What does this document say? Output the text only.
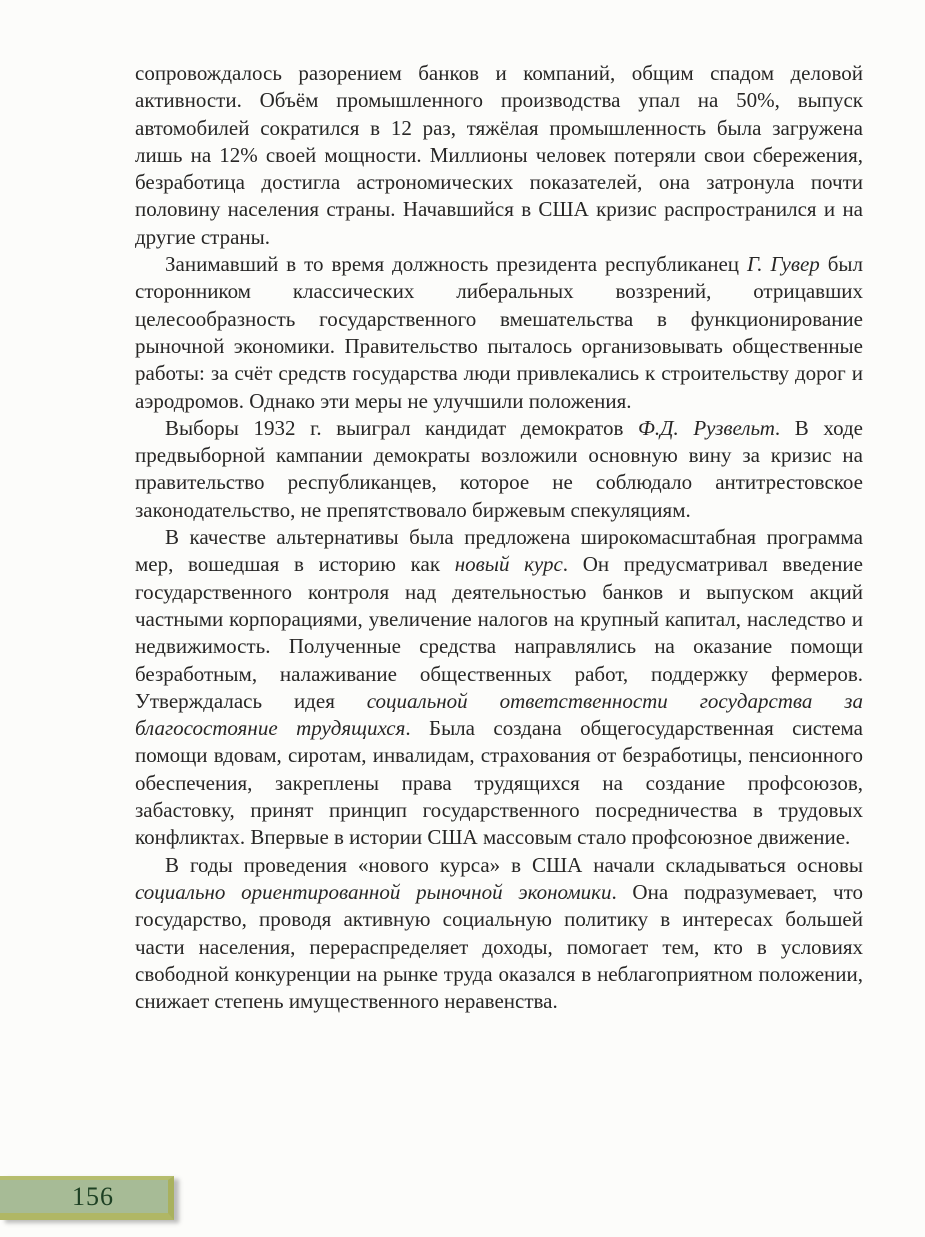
сопровождалось разорением банков и компаний, общим спадом деловой активности. Объём промышленного производства упал на 50%, выпуск автомобилей сократился в 12 раз, тяжёлая промышленность была загружена лишь на 12% своей мощности. Миллионы человек потеряли свои сбережения, безработица достигла астрономических показателей, она затронула почти половину населения страны. Начавшийся в США кризис распространился и на другие страны.

Занимавший в то время должность президента республиканец Г. Гувер был сторонником классических либеральных воззрений, отрицавших целесообразность государственного вмешательства в функционирование рыночной экономики. Правительство пыталось организовывать общественные работы: за счёт средств государства люди привлекались к строительству дорог и аэродромов. Однако эти меры не улучшили положения.

Выборы 1932 г. выиграл кандидат демократов Ф.Д. Рузвельт. В ходе предвыборной кампании демократы возложили основную вину за кризис на правительство республиканцев, которое не соблюдало антитрестовское законодательство, не препятствовало биржевым спекуляциям.

В качестве альтернативы была предложена широкомасштабная программа мер, вошедшая в историю как новый курс. Он предусматривал введение государственного контроля над деятельностью банков и выпуском акций частными корпорациями, увеличение налогов на крупный капитал, наследство и недвижимость. Полученные средства направлялись на оказание помощи безработным, налаживание общественных работ, поддержку фермеров. Утверждалась идея социальной ответственности государства за благосостояние трудящихся. Была создана общегосударственная система помощи вдовам, сиротам, инвалидам, страхования от безработицы, пенсионного обеспечения, закреплены права трудящихся на создание профсоюзов, забастовку, принят принцип государственного посредничества в трудовых конфликтах. Впервые в истории США массовым стало профсоюзное движение.

В годы проведения «нового курса» в США начали складываться основы социально ориентированной рыночной экономики. Она подразумевает, что государство, проводя активную социальную политику в интересах большей части населения, перераспределяет доходы, помогает тем, кто в условиях свободной конкуренции на рынке труда оказался в неблагоприятном положении, снижает степень имущественного неравенства.

156
